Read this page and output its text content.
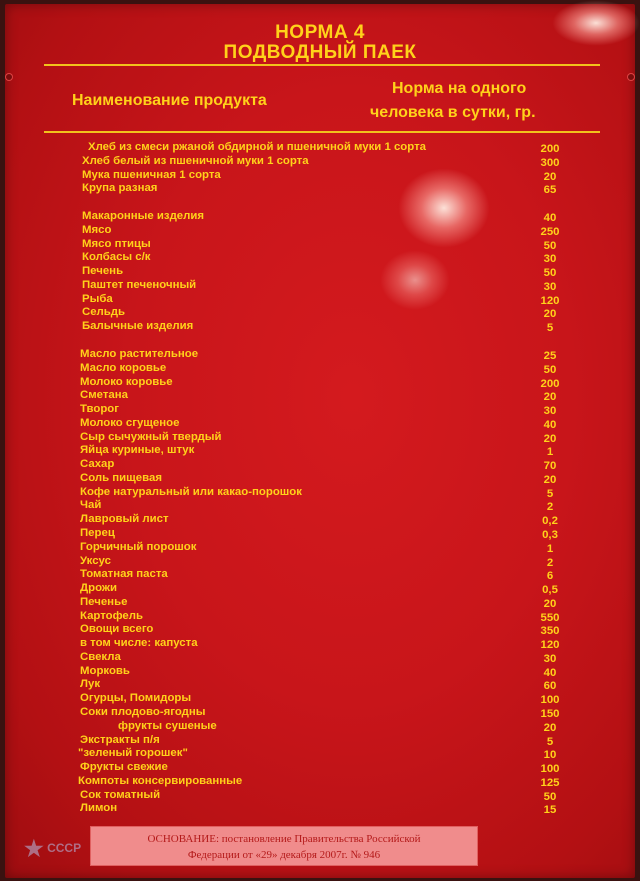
НОРМА 4
ПОДВОДНЫЙ ПАЕК
Наименование продукта
Норма на одного
человека в сутки, гр.
Хлеб из смеси ржаной обдирной и пшеничной муки 1 сорта	200
Хлеб белый из пшеничной муки 1 сорта	300
Мука пшеничная 1 сорта	20
Крупа разная	65
Макаронные изделия	40
Мясо	250
Мясо птицы	50
Колбасы с/к	30
Печень	50
Паштет печеночный	30
Рыба	120
Сельдь	20
Балычные изделия	5
Масло растительное	25
Масло коровье	50
Молоко коровье	200
Сметана	20
Творог	30
Молоко сгущеное	40
Сыр сычужный твердый	20
Яйца куриные, штук	1
Сахар	70
Соль пищевая	20
Кофе натуральный или какао-порошок	5
Чай	2
Лавровый лист	0,2
Перец	0,3
Горчичный порошок	1
Уксус	2
Томатная паста	6
Дрожи	0,5
Печенье	20
Картофель	550
Овощи всего	350
в том числе: капуста	120
Свекла	30
Морковь	40
Лук	60
Огурцы, Помидоры	100
Соки плодово-ягодны	150
фрукты сушеные	20
Экстракты п/я	5
"зеленый горошек"	10
Фрукты свежие	100
Компоты консервированные	125
Сок томатный	50
Лимон	15
ОСНОВАНИЕ: постановление Правительства Российской
Федерации от «29» декабря 2007г. № 946
★ СССР
